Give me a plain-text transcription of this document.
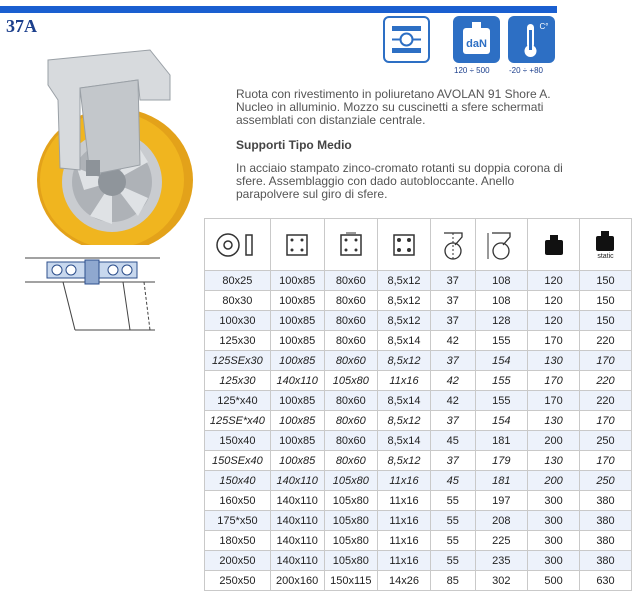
37A
daN
C°
120 ÷ 500 -20 ÷ +80
Ruota con rivestimento in poliuretano AVOLAN 91 Shore A. Nucleo in alluminio. Mozzo su cuscinetti a sfere schermati assemblati con distanziale centrale.
Supporti Tipo Medio
In acciaio stampato zinco-cromato rotanti su doppia corona di sfere. Assemblaggio con dado autobloccante. Anello parapolvere sul giro di sfere.

static

80x25	100x85	80x60	8,5x12	37	108	120	150
80x30	100x85	80x60	8,5x12	37	108	120	150
100x30	100x85	80x60	8,5x12	37	128	120	150
125x30	100x85	80x60	8,5x14	42	155	170	220
125SEx30	100x85	80x60	8,5x12	37	154	130	170
125x30	140x110	105x80	11x16	42	155	170	220
125*x40	100x85	80x60	8,5x14	42	155	170	220
125SE*x40	100x85	80x60	8,5x12	37	154	130	170
150x40	100x85	80x60	8,5x14	45	181	200	250
150SEx40	100x85	80x60	8,5x12	37	179	130	170
150x40	140x110	105x80	11x16	45	181	200	250
160x50	140x110	105x80	11x16	55	197	300	380
175*x50	140x110	105x80	11x16	55	208	300	380
180x50	140x110	105x80	11x16	55	225	300	380
200x50	140x110	105x80	11x16	55	235	300	380
250x50	200x160	150x115	14x26	85	302	500	630
